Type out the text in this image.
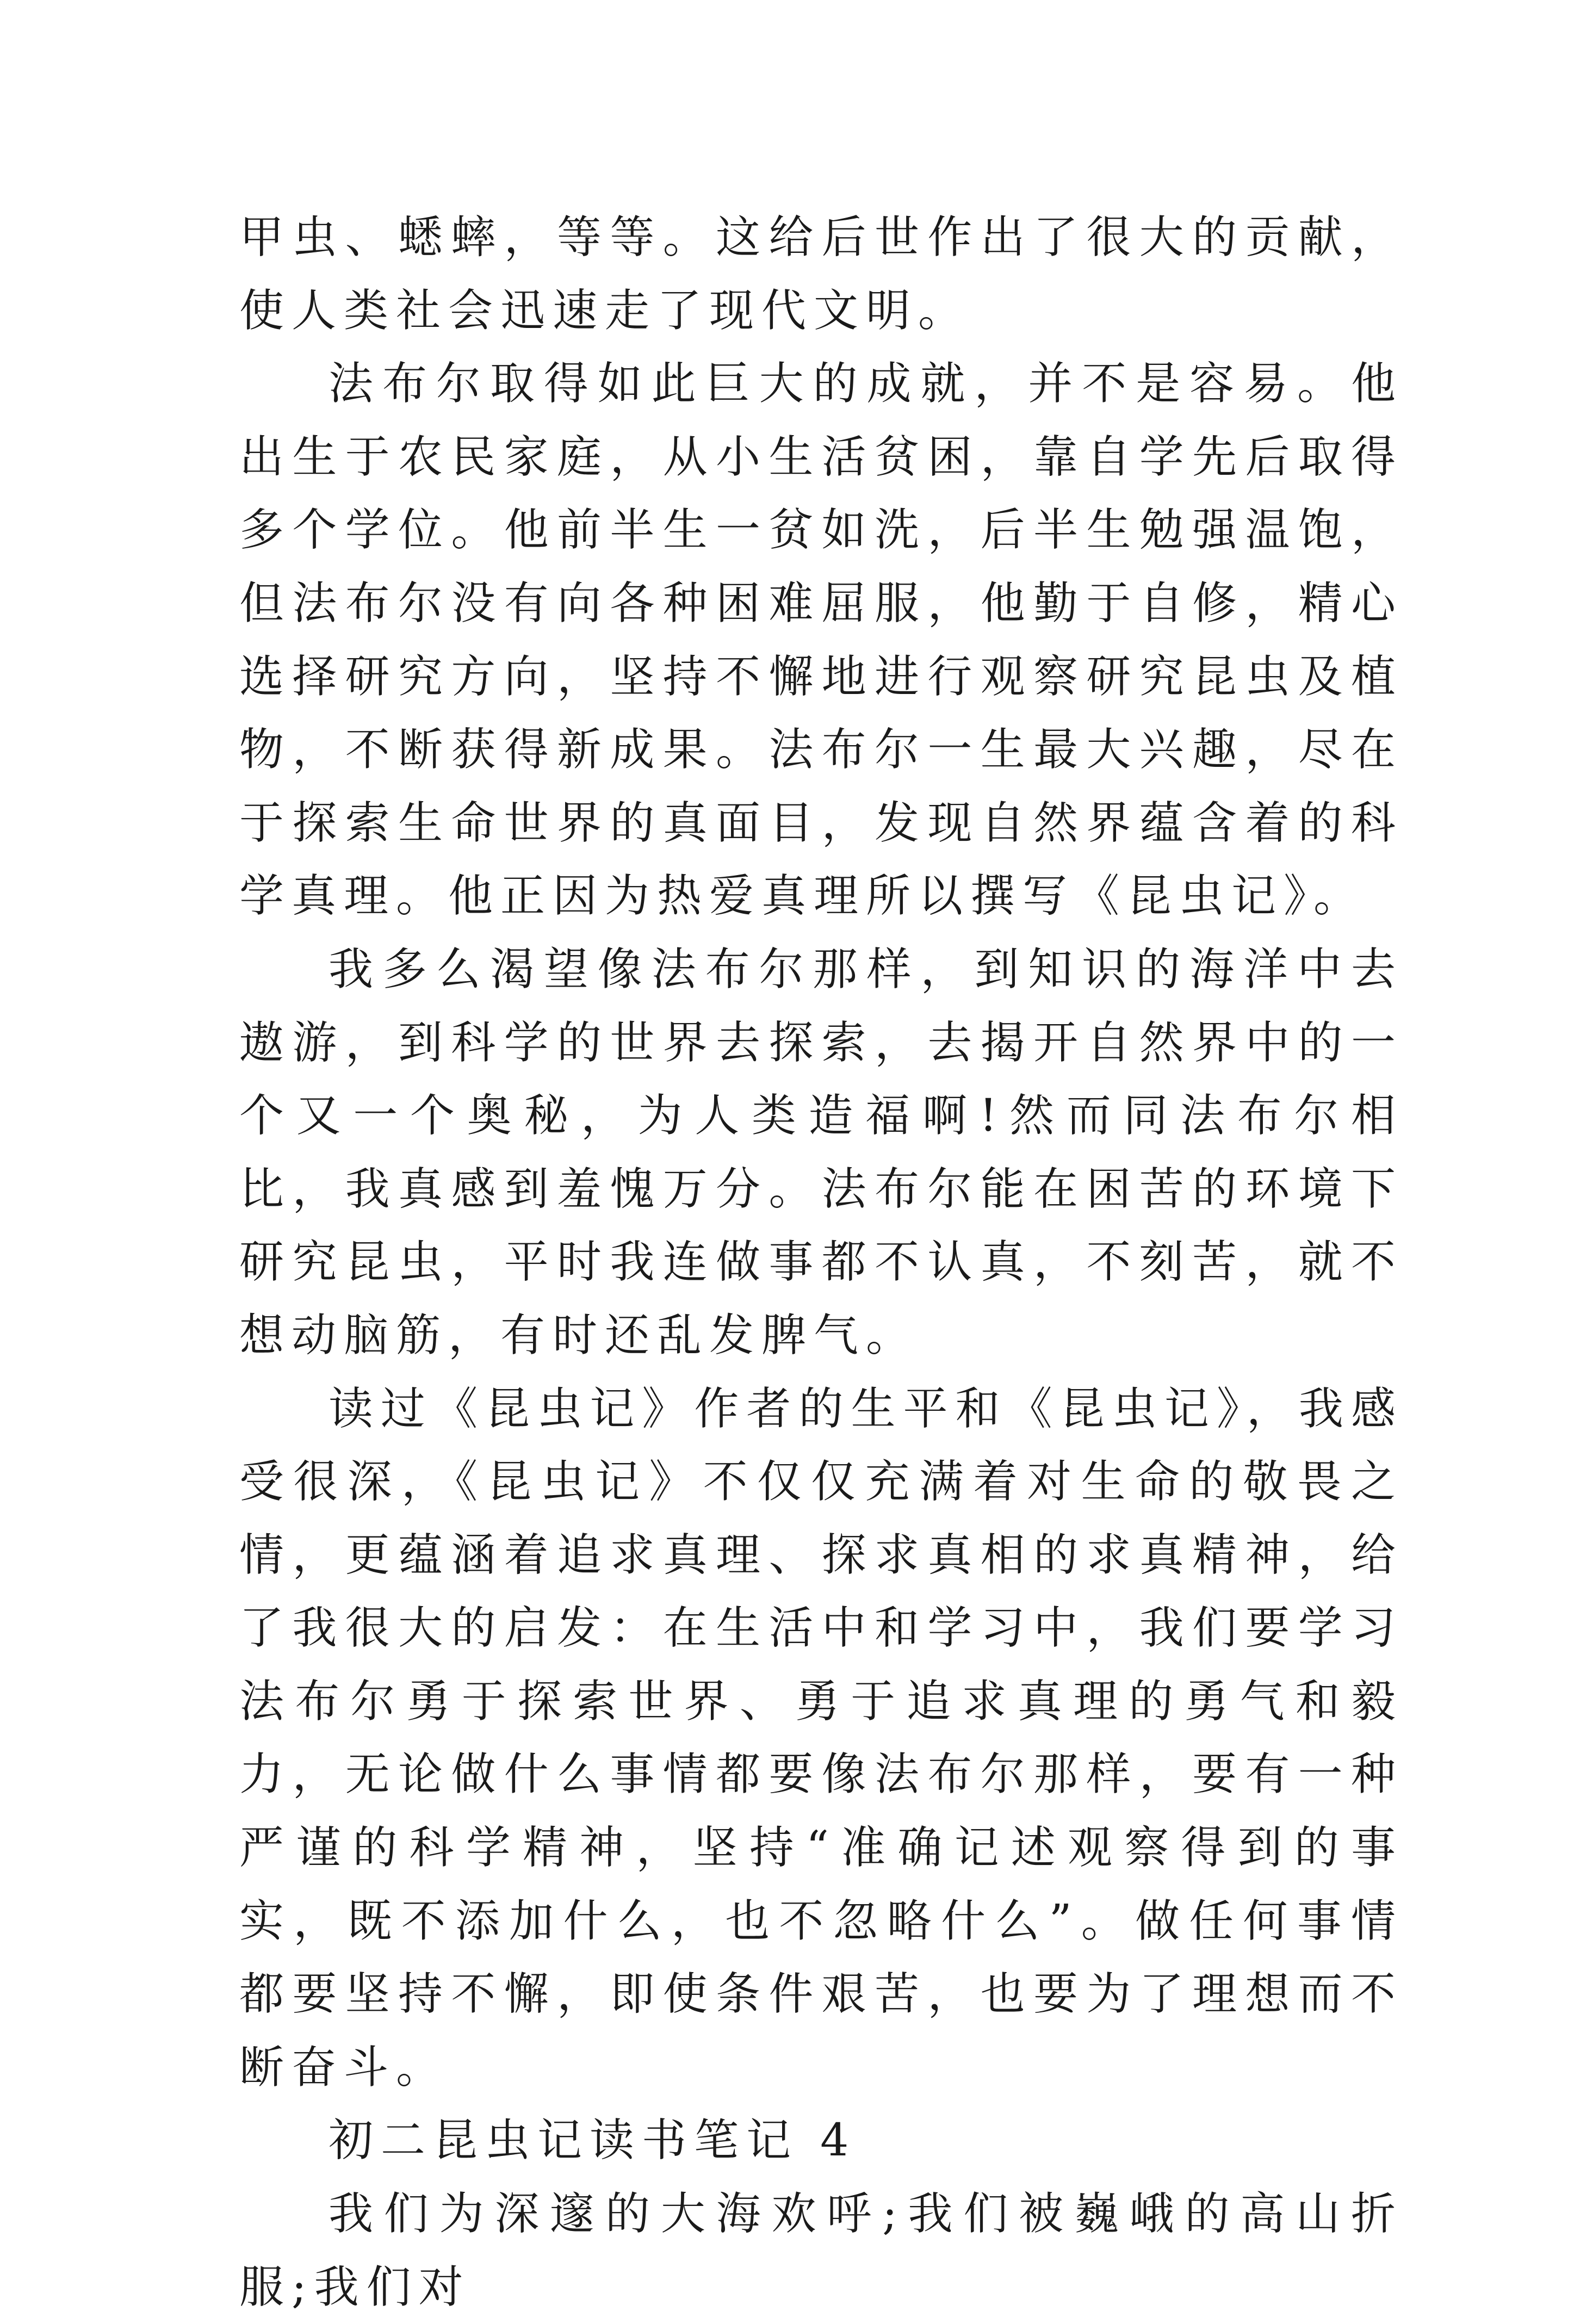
甲虫、蟋蟀，等等。这给后世作出了很大的贡献，使人类社会迅速走了现代文明。

法布尔取得如此巨大的成就，并不是容易。他出生于农民家庭，从小生活贫困，靠自学先后取得多个学位。他前半生一贫如洗，后半生勉强温饱，但法布尔没有向各种困难屈服，他勤于自修，精心选择研究方向，坚持不懈地进行观察研究昆虫及植物，不断获得新成果。法布尔一生最大兴趣，尽在于探索生命世界的真面目，发现自然界蕴含着的科学真理。他正因为热爱真理所以撰写《昆虫记》。

我多么渴望像法布尔那样，到知识的海洋中去遨游，到科学的世界去探索，去揭开自然界中的一个又一个奥秘，为人类造福啊!然而同法布尔相比，我真感到羞愧万分。法布尔能在困苦的环境下研究昆虫，平时我连做事都不认真，不刻苦，就不想动脑筋，有时还乱发脾气。

读过《昆虫记》作者的生平和《昆虫记》，我感受很深，《昆虫记》不仅仅充满着对生命的敬畏之情，更蕴涵着追求真理、探求真相的求真精神，给了我很大的启发：在生活中和学习中，我们要学习法布尔勇于探索世界、勇于追求真理的勇气和毅力，无论做什么事情都要像法布尔那样，要有一种严谨的科学精神，坚持“准确记述观察得到的事实，既不添加什么，也不忽略什么”。做任何事情都要坚持不懈，即使条件艰苦，也要为了理想而不断奋斗。

初二昆虫记读书笔记 4

我们为深邃的大海欢呼;我们被巍峨的高山折服;我们对
